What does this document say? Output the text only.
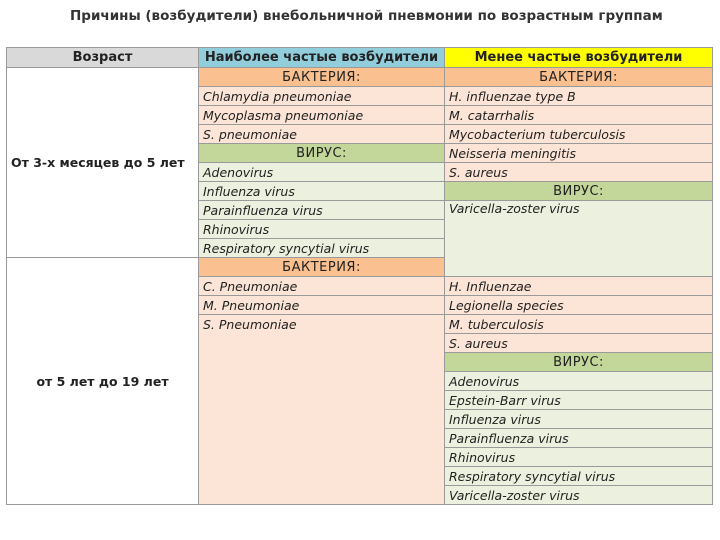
Причины (возбудители) внебольничной пневмонии по возрастным группам
Возраст	Наиболее частые возбудители	Менее частые возбудители	
От 3-х месяцев до 5 лет	БАКТЕРИЯ:	БАКТЕРИЯ:	
	Chlamydia pneumoniae	H. influenzae type B	
	Mycoplasma pneumoniae	M. catarrhalis	
	S. pneumoniae	Mycobacterium tuberculosis	
	ВИРУС:	Neisseria meningitis	
	Adenovirus	S. aureus	
	Influenza virus	ВИРУС:	
	Parainfluenza virus	Varicella-zoster virus	
	Rhinovirus		
	Respiratory syncytial virus		
от 5 лет до 19 лет	БАКТЕРИЯ:	
	C. Pneumoniae	H. Influenzae	
	M. Pneumoniae	Legionella species	
	S. Pneumoniae	M. tuberculosis	
		S. aureus	
		ВИРУС:	
		Adenovirus	
		Epstein-Barr virus	
		Influenza virus	
		Parainfluenza virus	
		Rhinovirus	
		Respiratory syncytial virus	
		Varicella-zoster virus	
